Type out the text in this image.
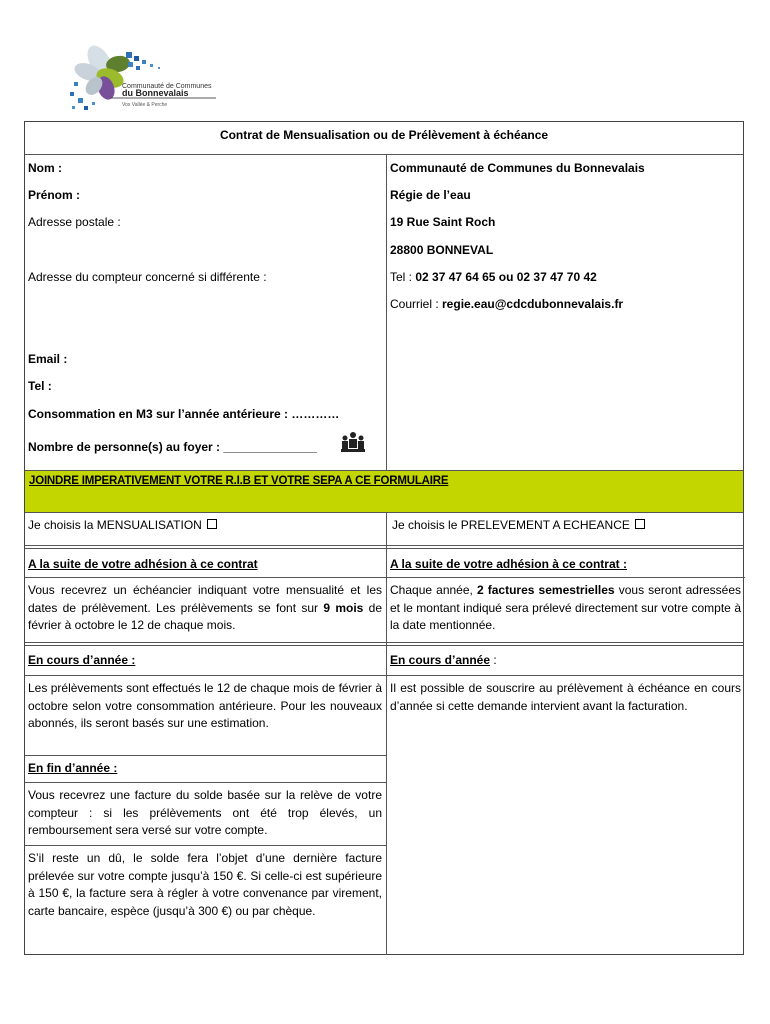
Communauté de Communes
du Bonnevalais
Vos Vallée & Perche
Contrat de Mensualisation ou de Prélèvement à échéance
Nom :
Prénom :
Adresse postale :
Adresse du compteur concerné si différente :
Email :
Tel :
Consommation en M3 sur l’année antérieure : …………
Nombre de personne(s) au foyer : ______________
Communauté de Communes du Bonnevalais
Régie de l’eau
19 Rue Saint Roch
28800 BONNEVAL
Tel : 02 37 47 64 65 ou 02 37 47 70 42
Courriel : regie.eau@cdcdubonnevalais.fr
JOINDRE IMPERATIVEMENT VOTRE R.I.B ET VOTRE SEPA A CE FORMULAIRE
Je choisis la MENSUALISATION	Je choisis le PRELEVEMENT A ECHEANCE
A la suite de votre adhésion à ce contrat
Vous recevrez un échéancier indiquant votre mensualité et les dates de prélèvement. Les prélèvements se font sur 9 mois de février à octobre le 12 de chaque mois.
En cours d’année :
Les prélèvements sont effectués le 12 de chaque mois de février à octobre selon votre consommation antérieure. Pour les nouveaux abonnés, ils seront basés sur une estimation.
En fin d’année :
Vous recevrez une facture du solde basée sur la relève de votre compteur : si les prélèvements ont été trop élevés, un remboursement sera versé sur votre compte.
S’il reste un dû, le solde fera l’objet d’une dernière facture prélevée sur votre compte jusqu’à 150 €. Si celle-ci est supérieure à 150 €, la facture sera à régler à votre convenance par virement, carte bancaire, espèce (jusqu’à 300 €) ou par chèque.
A la suite de votre adhésion à ce contrat :
Chaque année, 2 factures semestrielles vous seront adressées et le montant indiqué sera prélevé directement sur votre compte à la date mentionnée.
En cours d’année :
Il est possible de souscrire au prélèvement à échéance en cours d’année si cette demande intervient avant la facturation.
